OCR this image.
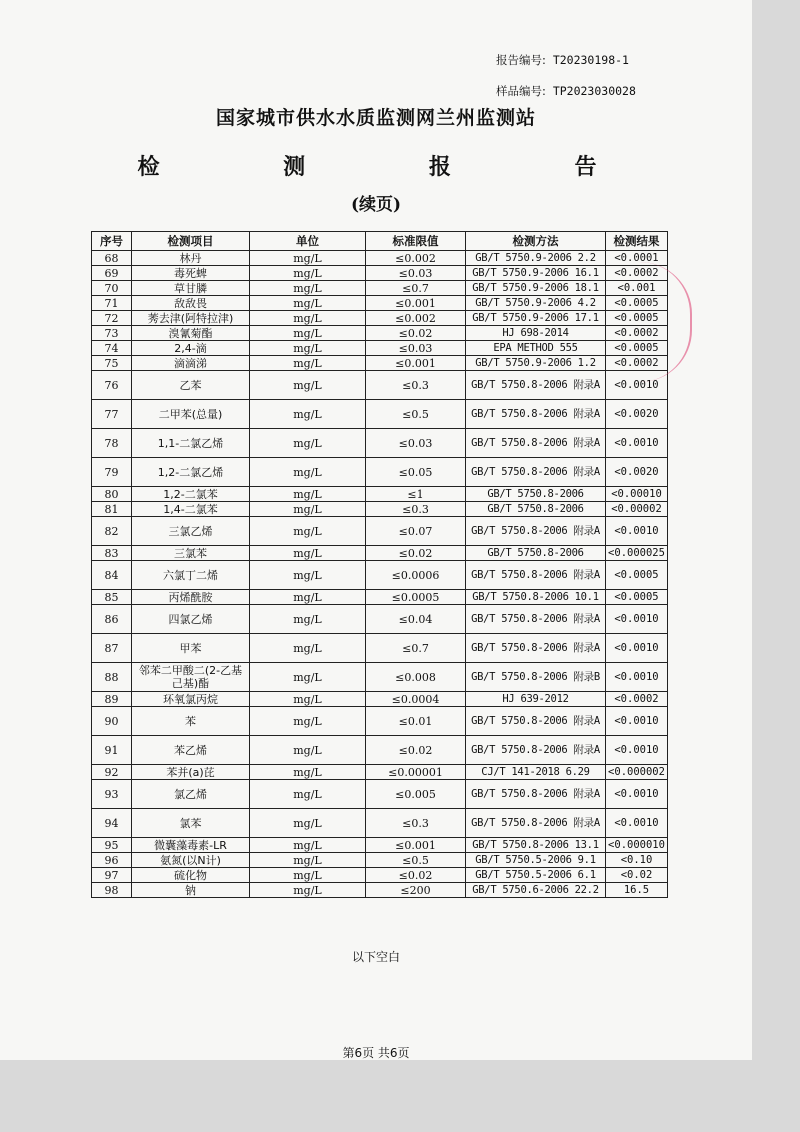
报告编号: T20230198-1
样品编号: TP2023030028
国家城市供水水质监测网兰州监测站
检 测 报 告
(续页)
序号	检测项目	单位	标准限值	检测方法	检测结果
68	林丹	mg/L	≤0.002	GB/T 5750.9-2006 2.2	<0.0001
69	毒死蜱	mg/L	≤0.03	GB/T 5750.9-2006 16.1	<0.0002
70	草甘膦	mg/L	≤0.7	GB/T 5750.9-2006 18.1	<0.001
71	敌敌畏	mg/L	≤0.001	GB/T 5750.9-2006 4.2	<0.0005
72	莠去津(阿特拉津)	mg/L	≤0.002	GB/T 5750.9-2006 17.1	<0.0005
73	溴氰菊酯	mg/L	≤0.02	HJ 698-2014	<0.0002
74	2,4-滴	mg/L	≤0.03	EPA METHOD 555	<0.0005
75	滴滴涕	mg/L	≤0.001	GB/T 5750.9-2006 1.2	<0.0002
76	乙苯	mg/L	≤0.3	GB/T 5750.8-2006 附录A	<0.0010
77	二甲苯(总量)	mg/L	≤0.5	GB/T 5750.8-2006 附录A	<0.0020
78	1,1-二氯乙烯	mg/L	≤0.03	GB/T 5750.8-2006 附录A	<0.0010
79	1,2-二氯乙烯	mg/L	≤0.05	GB/T 5750.8-2006 附录A	<0.0020
80	1,2-二氯苯	mg/L	≤1	GB/T 5750.8-2006	<0.00010
81	1,4-二氯苯	mg/L	≤0.3	GB/T 5750.8-2006	<0.00002
82	三氯乙烯	mg/L	≤0.07	GB/T 5750.8-2006 附录A	<0.0010
83	三氯苯	mg/L	≤0.02	GB/T 5750.8-2006	<0.000025
84	六氯丁二烯	mg/L	≤0.0006	GB/T 5750.8-2006 附录A	<0.0005
85	丙烯酰胺	mg/L	≤0.0005	GB/T 5750.8-2006 10.1	<0.0005
86	四氯乙烯	mg/L	≤0.04	GB/T 5750.8-2006 附录A	<0.0010
87	甲苯	mg/L	≤0.7	GB/T 5750.8-2006 附录A	<0.0010
88	邻苯二甲酸二(2-乙基己基)酯	mg/L	≤0.008	GB/T 5750.8-2006 附录B	<0.0010
89	环氧氯丙烷	mg/L	≤0.0004	HJ 639-2012	<0.0002
90	苯	mg/L	≤0.01	GB/T 5750.8-2006 附录A	<0.0010
91	苯乙烯	mg/L	≤0.02	GB/T 5750.8-2006 附录A	<0.0010
92	苯并(a)芘	mg/L	≤0.00001	CJ/T 141-2018 6.29	<0.000002
93	氯乙烯	mg/L	≤0.005	GB/T 5750.8-2006 附录A	<0.0010
94	氯苯	mg/L	≤0.3	GB/T 5750.8-2006 附录A	<0.0010
95	微囊藻毒素-LR	mg/L	≤0.001	GB/T 5750.8-2006 13.1	<0.000010
96	氨氮(以N计)	mg/L	≤0.5	GB/T 5750.5-2006 9.1	<0.10
97	硫化物	mg/L	≤0.02	GB/T 5750.5-2006 6.1	<0.02
98	钠	mg/L	≤200	GB/T 5750.6-2006 22.2	16.5
以下空白
第6页 共6页
